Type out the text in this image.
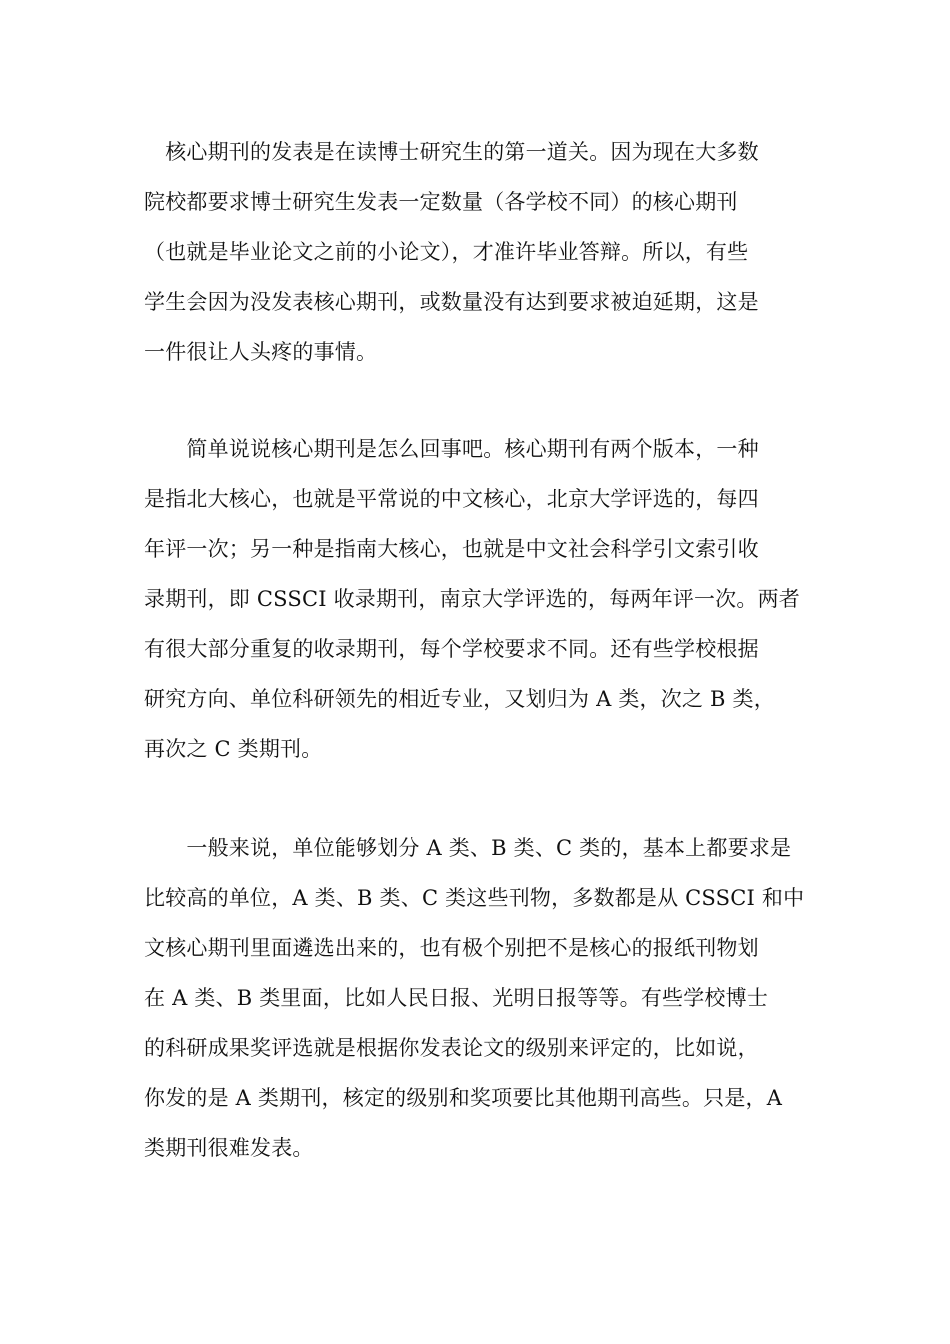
　核心期刊的发表是在读博士研究生的第一道关。因为现在大多数
院校都要求博士研究生发表一定数量（各学校不同）的核心期刊
（也就是毕业论文之前的小论文），才准许毕业答辩。所以，有些
学生会因为没发表核心期刊，或数量没有达到要求被迫延期，这是
一件很让人头疼的事情。

　　简单说说核心期刊是怎么回事吧。核心期刊有两个版本，一种
是指北大核心，也就是平常说的中文核心，北京大学评选的，每四
年评一次；另一种是指南大核心，也就是中文社会科学引文索引收
录期刊，即 CSSCI 收录期刊，南京大学评选的，每两年评一次。两者
有很大部分重复的收录期刊，每个学校要求不同。还有些学校根据
研究方向、单位科研领先的相近专业，又划归为 A 类，次之 B 类，
再次之 C 类期刊。

　　一般来说，单位能够划分 A 类、B 类、C 类的，基本上都要求是
比较高的单位，A 类、B 类、C 类这些刊物，多数都是从 CSSCI 和中
文核心期刊里面遴选出来的，也有极个别把不是核心的报纸刊物划
在 A 类、B 类里面，比如人民日报、光明日报等等。有些学校博士
的科研成果奖评选就是根据你发表论文的级别来评定的，比如说，
你发的是 A 类期刊，核定的级别和奖项要比其他期刊高些。只是，A
类期刊很难发表。
